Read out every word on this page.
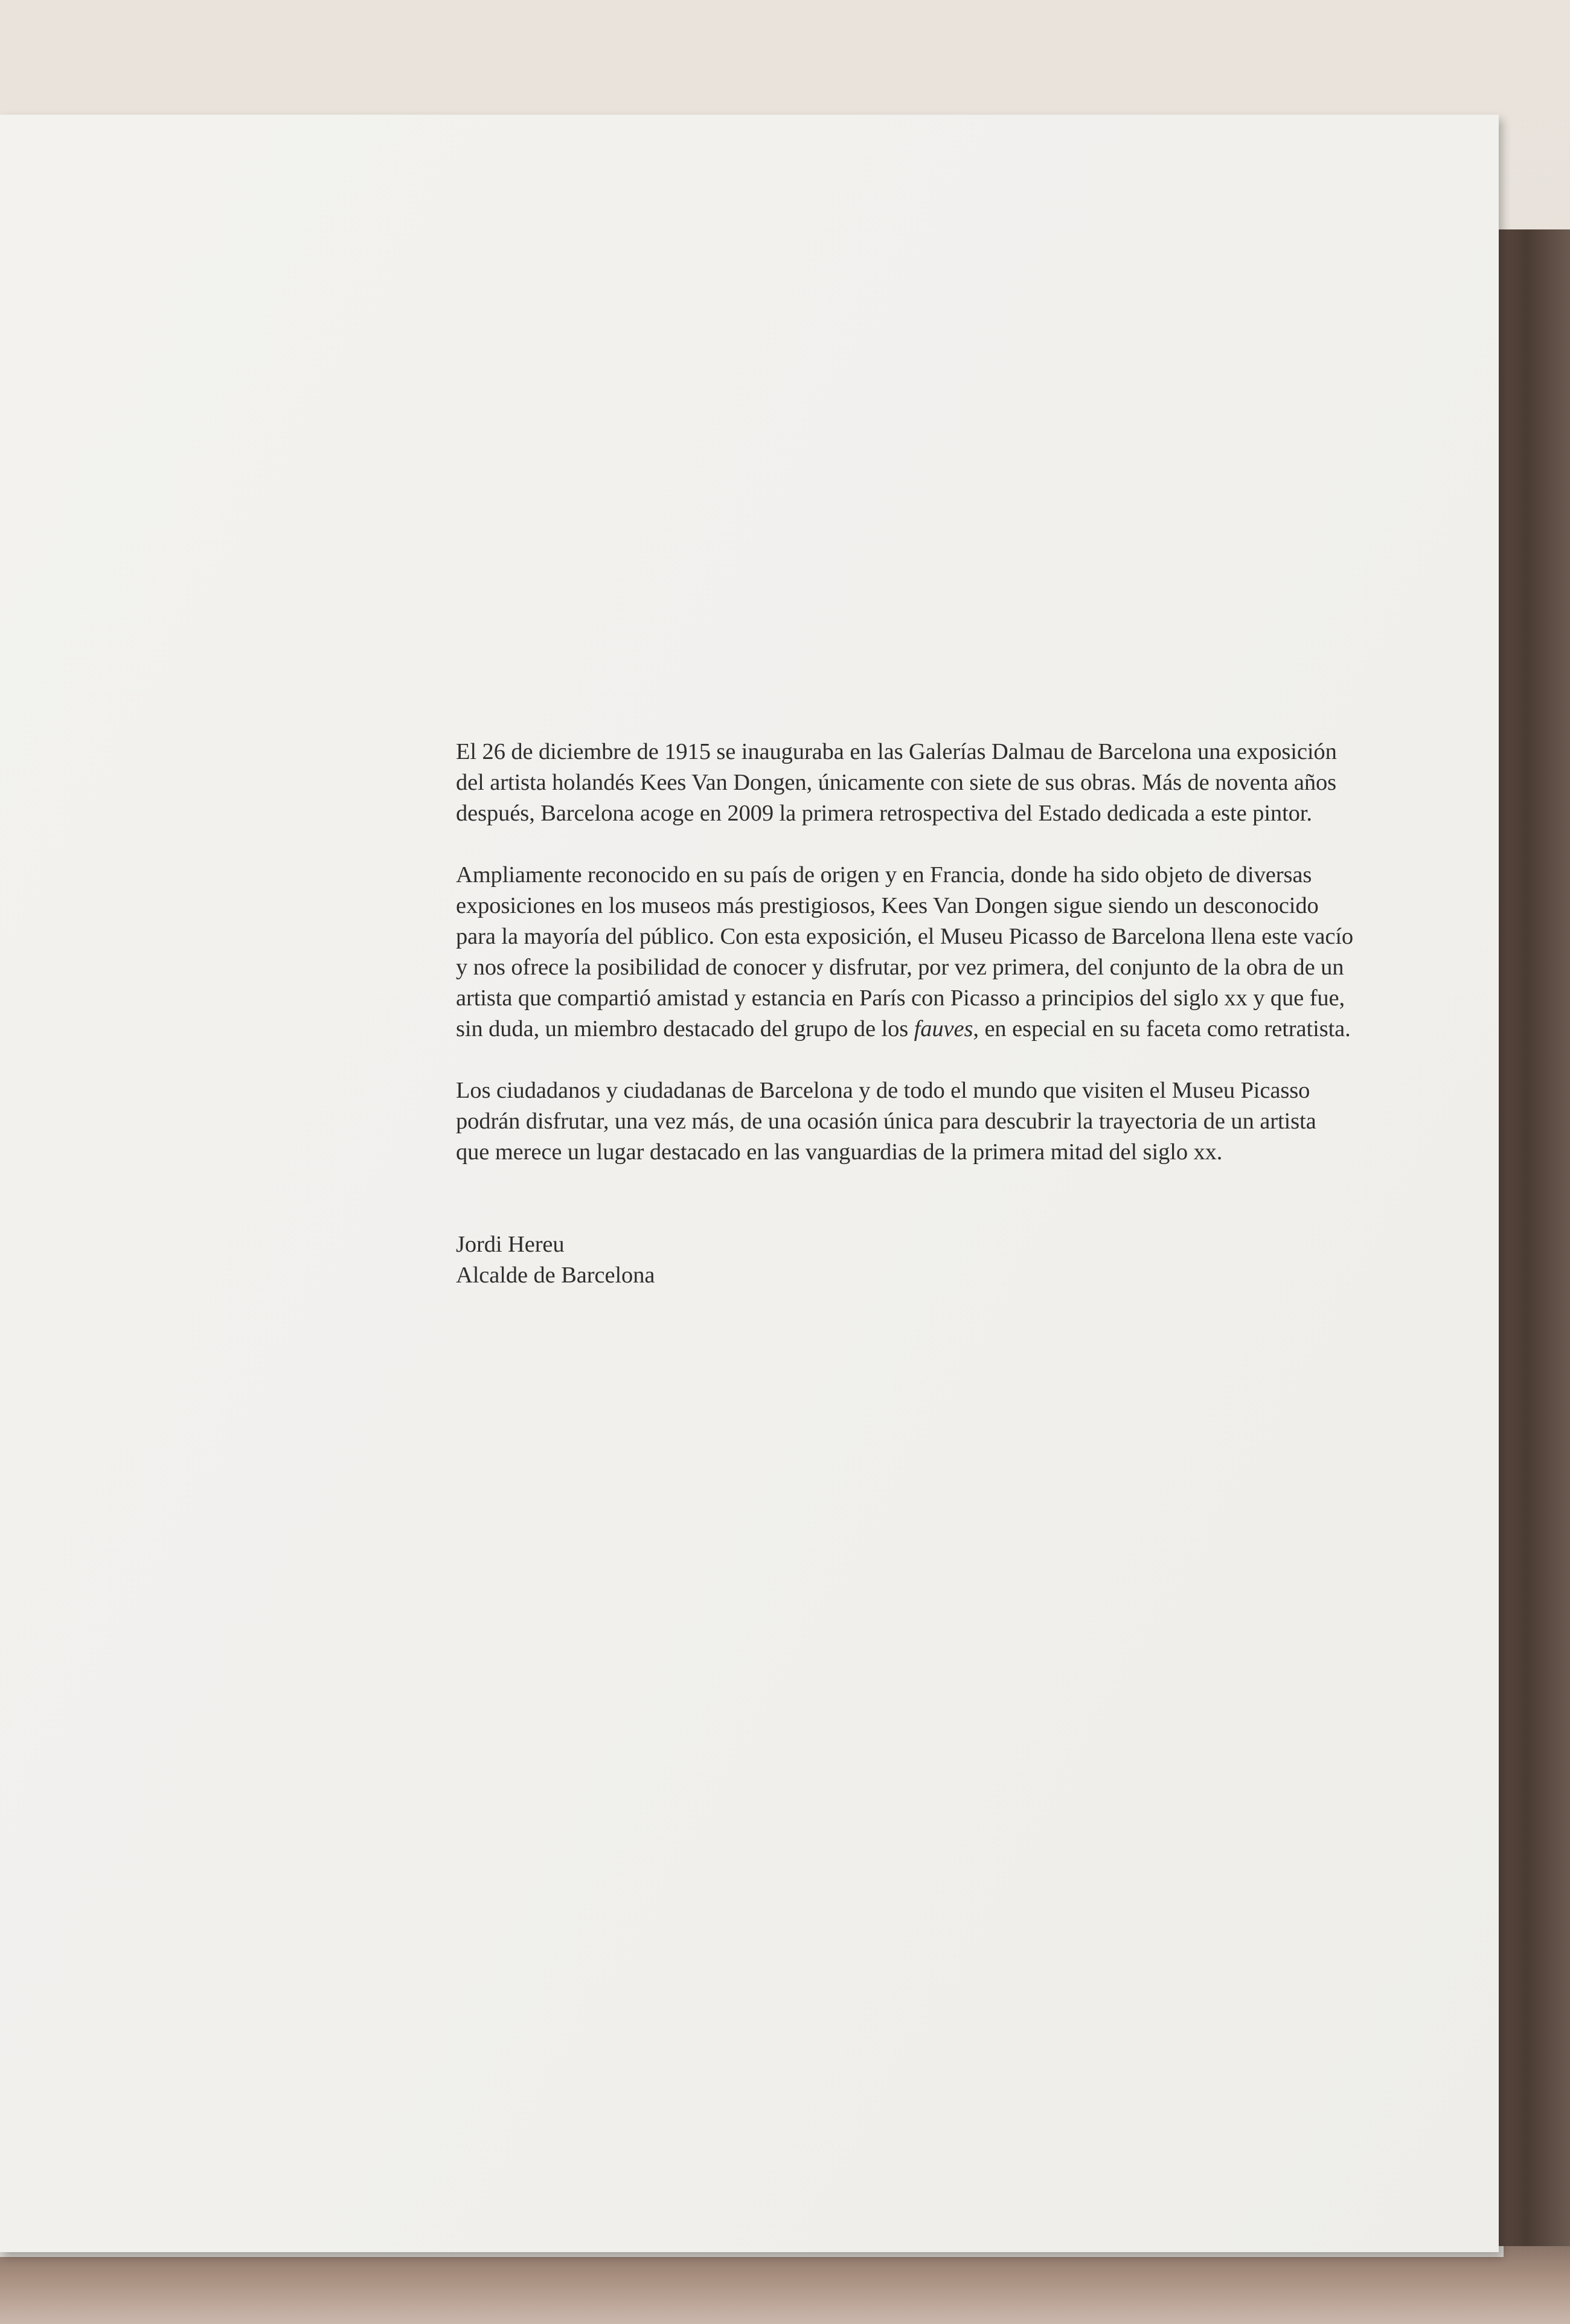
El 26 de diciembre de 1915 se inauguraba en las Galerías Dalmau de Barcelona una exposición
del artista holandés Kees Van Dongen, únicamente con siete de sus obras. Más de noventa años
después, Barcelona acoge en 2009 la primera retrospectiva del Estado dedicada a este pintor.

Ampliamente reconocido en su país de origen y en Francia, donde ha sido objeto de diversas
exposiciones en los museos más prestigiosos, Kees Van Dongen sigue siendo un desconocido
para la mayoría del público. Con esta exposición, el Museu Picasso de Barcelona llena este vacío
y nos ofrece la posibilidad de conocer y disfrutar, por vez primera, del conjunto de la obra de un
artista que compartió amistad y estancia en París con Picasso a principios del siglo xx y que fue,
sin duda, un miembro destacado del grupo de los fauves, en especial en su faceta como retratista.

Los ciudadanos y ciudadanas de Barcelona y de todo el mundo que visiten el Museu Picasso
podrán disfrutar, una vez más, de una ocasión única para descubrir la trayectoria de un artista
que merece un lugar destacado en las vanguardias de la primera mitad del siglo xx.

Jordi Hereu
Alcalde de Barcelona
